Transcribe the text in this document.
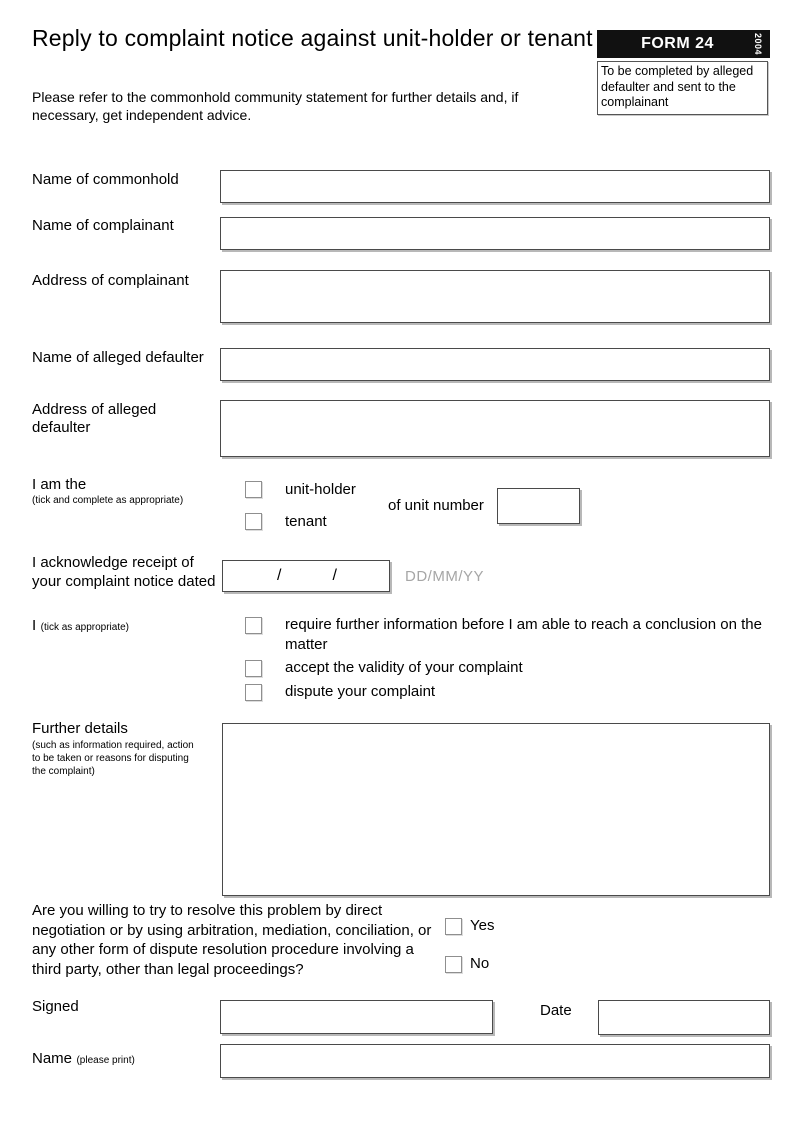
Reply to complaint notice against unit-holder or tenant
Please refer to the commonhold community statement for further details and, if necessary, get independent advice.
FORM 24	2004
To be completed by alleged defaulter and sent to the complainant
Name of commonhold
Name of complainant
Address of complainant
Name of alleged defaulter
Address of alleged defaulter
I am the
(tick and complete as appropriate)
unit-holder
tenant
of unit number
I acknowledge receipt of your complaint notice dated	/	/	DD/MM/YY
I (tick as appropriate)	require further information before I am able to reach a conclusion on the matter
accept the validity of your complaint
dispute your complaint
Further details
(such as information required, action to be taken or reasons for disputing the complaint)
Are you willing to try to resolve this problem by direct negotiation or by using arbitration, mediation, conciliation, or any other form of dispute resolution procedure involving a third party, other than legal proceedings?
Yes
No
Signed	Date
Name (please print)
